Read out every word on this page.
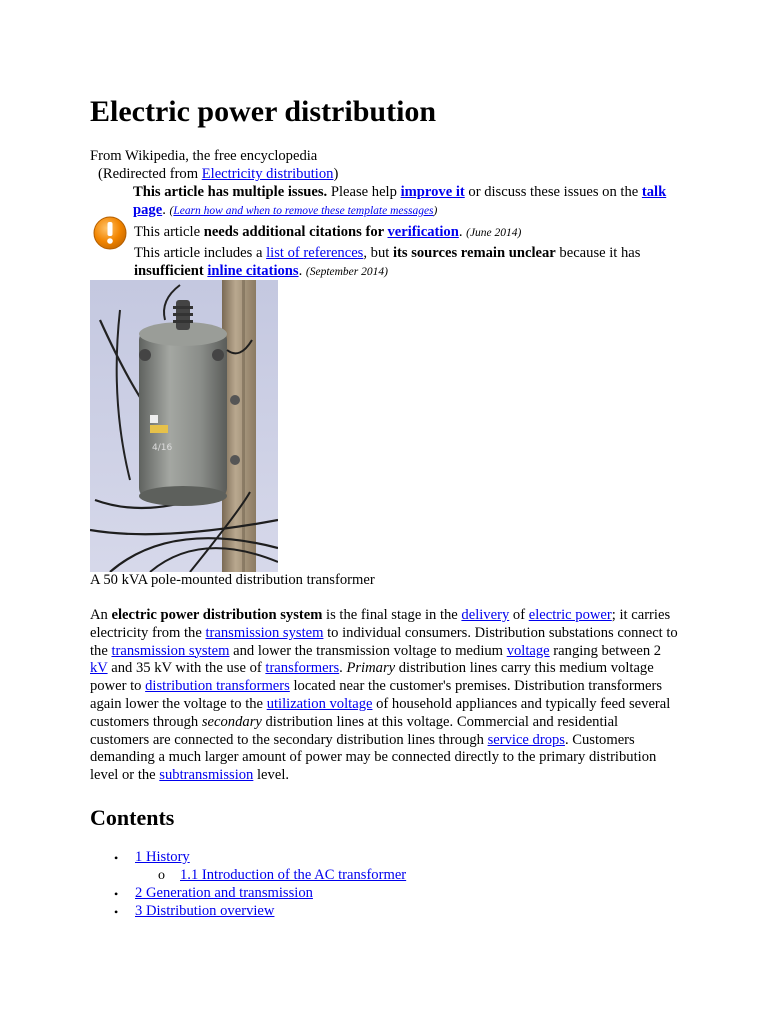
Electric power distribution
From Wikipedia, the free encyclopedia
(Redirected from Electricity distribution)
This article has multiple issues. Please help improve it or discuss these issues on the talk page. (Learn how and when to remove these template messages)
This article needs additional citations for verification. (June 2014)
This article includes a list of references, but its sources remain unclear because it has insufficient inline citations. (September 2014)
4/16
A 50 kVA pole-mounted distribution transformer

An electric power distribution system is the final stage in the delivery of electric power; it carries electricity from the transmission system to individual consumers. Distribution substations connect to the transmission system and lower the transmission voltage to medium voltage ranging between 2 kV and 35 kV with the use of transformers. Primary distribution lines carry this medium voltage power to distribution transformers located near the customer's premises. Distribution transformers again lower the voltage to the utilization voltage of household appliances and typically feed several customers through secondary distribution lines at this voltage. Commercial and residential customers are connected to the secondary distribution lines through service drops. Customers demanding a much larger amount of power may be connected directly to the primary distribution level or the subtransmission level.

Contents
• 1 History
o 1.1 Introduction of the AC transformer
• 2 Generation and transmission
• 3 Distribution overview
